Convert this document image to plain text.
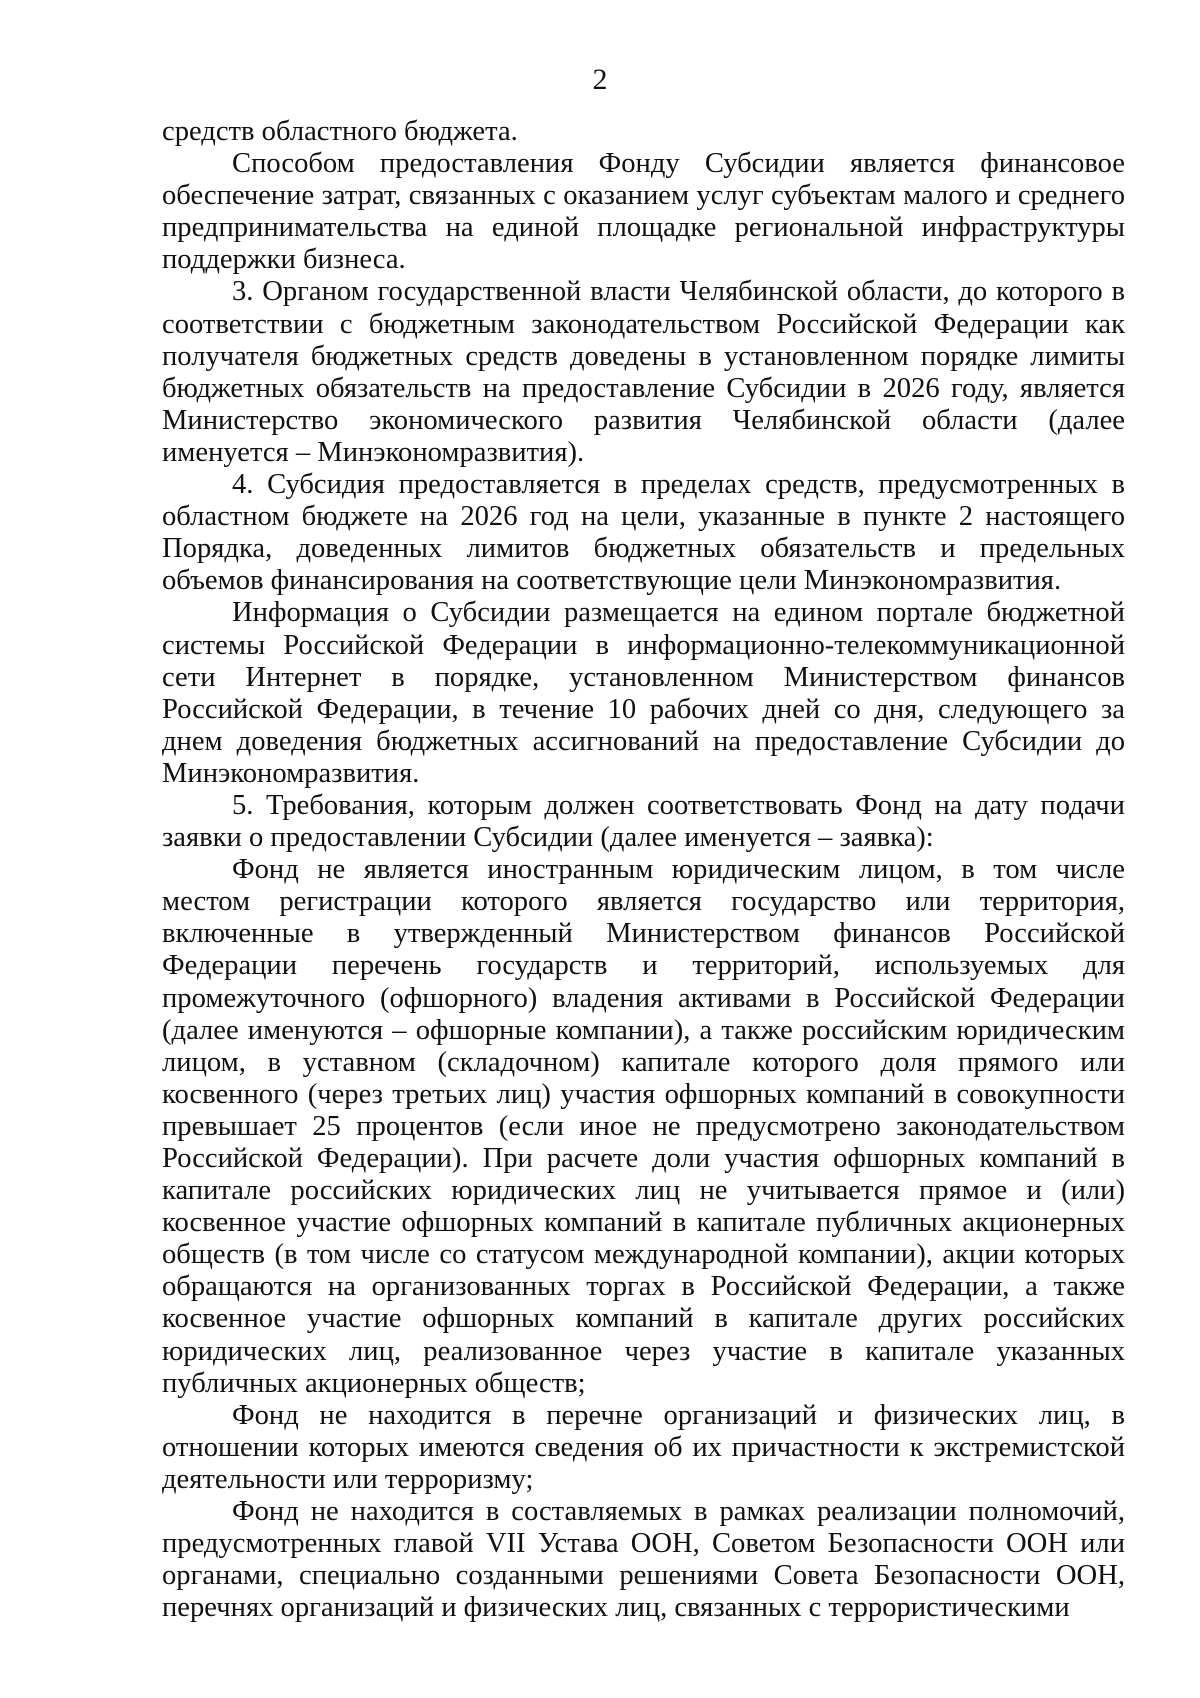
2

средств областного бюджета.

Способом предоставления Фонду Субсидии является финансовое обеспечение затрат, связанных с оказанием услуг субъектам малого и среднего предпринимательства на единой площадке региональной инфраструктуры поддержки бизнеса.

3. Органом государственной власти Челябинской области, до которого в соответствии с бюджетным законодательством Российской Федерации как получателя бюджетных средств доведены в установленном порядке лимиты бюджетных обязательств на предоставление Субсидии в 2026 году, является Министерство экономического развития Челябинской области (далее именуется – Минэкономразвития).

4. Субсидия предоставляется в пределах средств, предусмотренных в областном бюджете на 2026 год на цели, указанные в пункте 2 настоящего Порядка, доведенных лимитов бюджетных обязательств и предельных объемов финансирования на соответствующие цели Минэкономразвития.

Информация о Субсидии размещается на едином портале бюджетной системы Российской Федерации в информационно-телекоммуникационной сети Интернет в порядке, установленном Министерством финансов Российской Федерации, в течение 10 рабочих дней со дня, следующего за днем доведения бюджетных ассигнований на предоставление Субсидии до Минэкономразвития.

5. Требования, которым должен соответствовать Фонд на дату подачи заявки о предоставлении Субсидии (далее именуется – заявка):

Фонд не является иностранным юридическим лицом, в том числе местом регистрации которого является государство или территория, включенные в утвержденный Министерством финансов Российской Федерации перечень государств и территорий, используемых для промежуточного (офшорного) владения активами в Российской Федерации (далее именуются – офшорные компании), а также российским юридическим лицом, в уставном (складочном) капитале которого доля прямого или косвенного (через третьих лиц) участия офшорных компаний в совокупности превышает 25 процентов (если иное не предусмотрено законодательством Российской Федерации). При расчете доли участия офшорных компаний в капитале российских юридических лиц не учитывается прямое и (или) косвенное участие офшорных компаний в капитале публичных акционерных обществ (в том числе со статусом международной компании), акции которых обращаются на организованных торгах в Российской Федерации, а также косвенное участие офшорных компаний в капитале других российских юридических лиц, реализованное через участие в капитале указанных публичных акционерных обществ;

Фонд не находится в перечне организаций и физических лиц, в отношении которых имеются сведения об их причастности к экстремистской деятельности или терроризму;

Фонд не находится в составляемых в рамках реализации полномочий, предусмотренных главой VII Устава ООН, Советом Безопасности ООН или органами, специально созданными решениями Совета Безопасности ООН, перечнях организаций и физических лиц, связанных с террористическими
